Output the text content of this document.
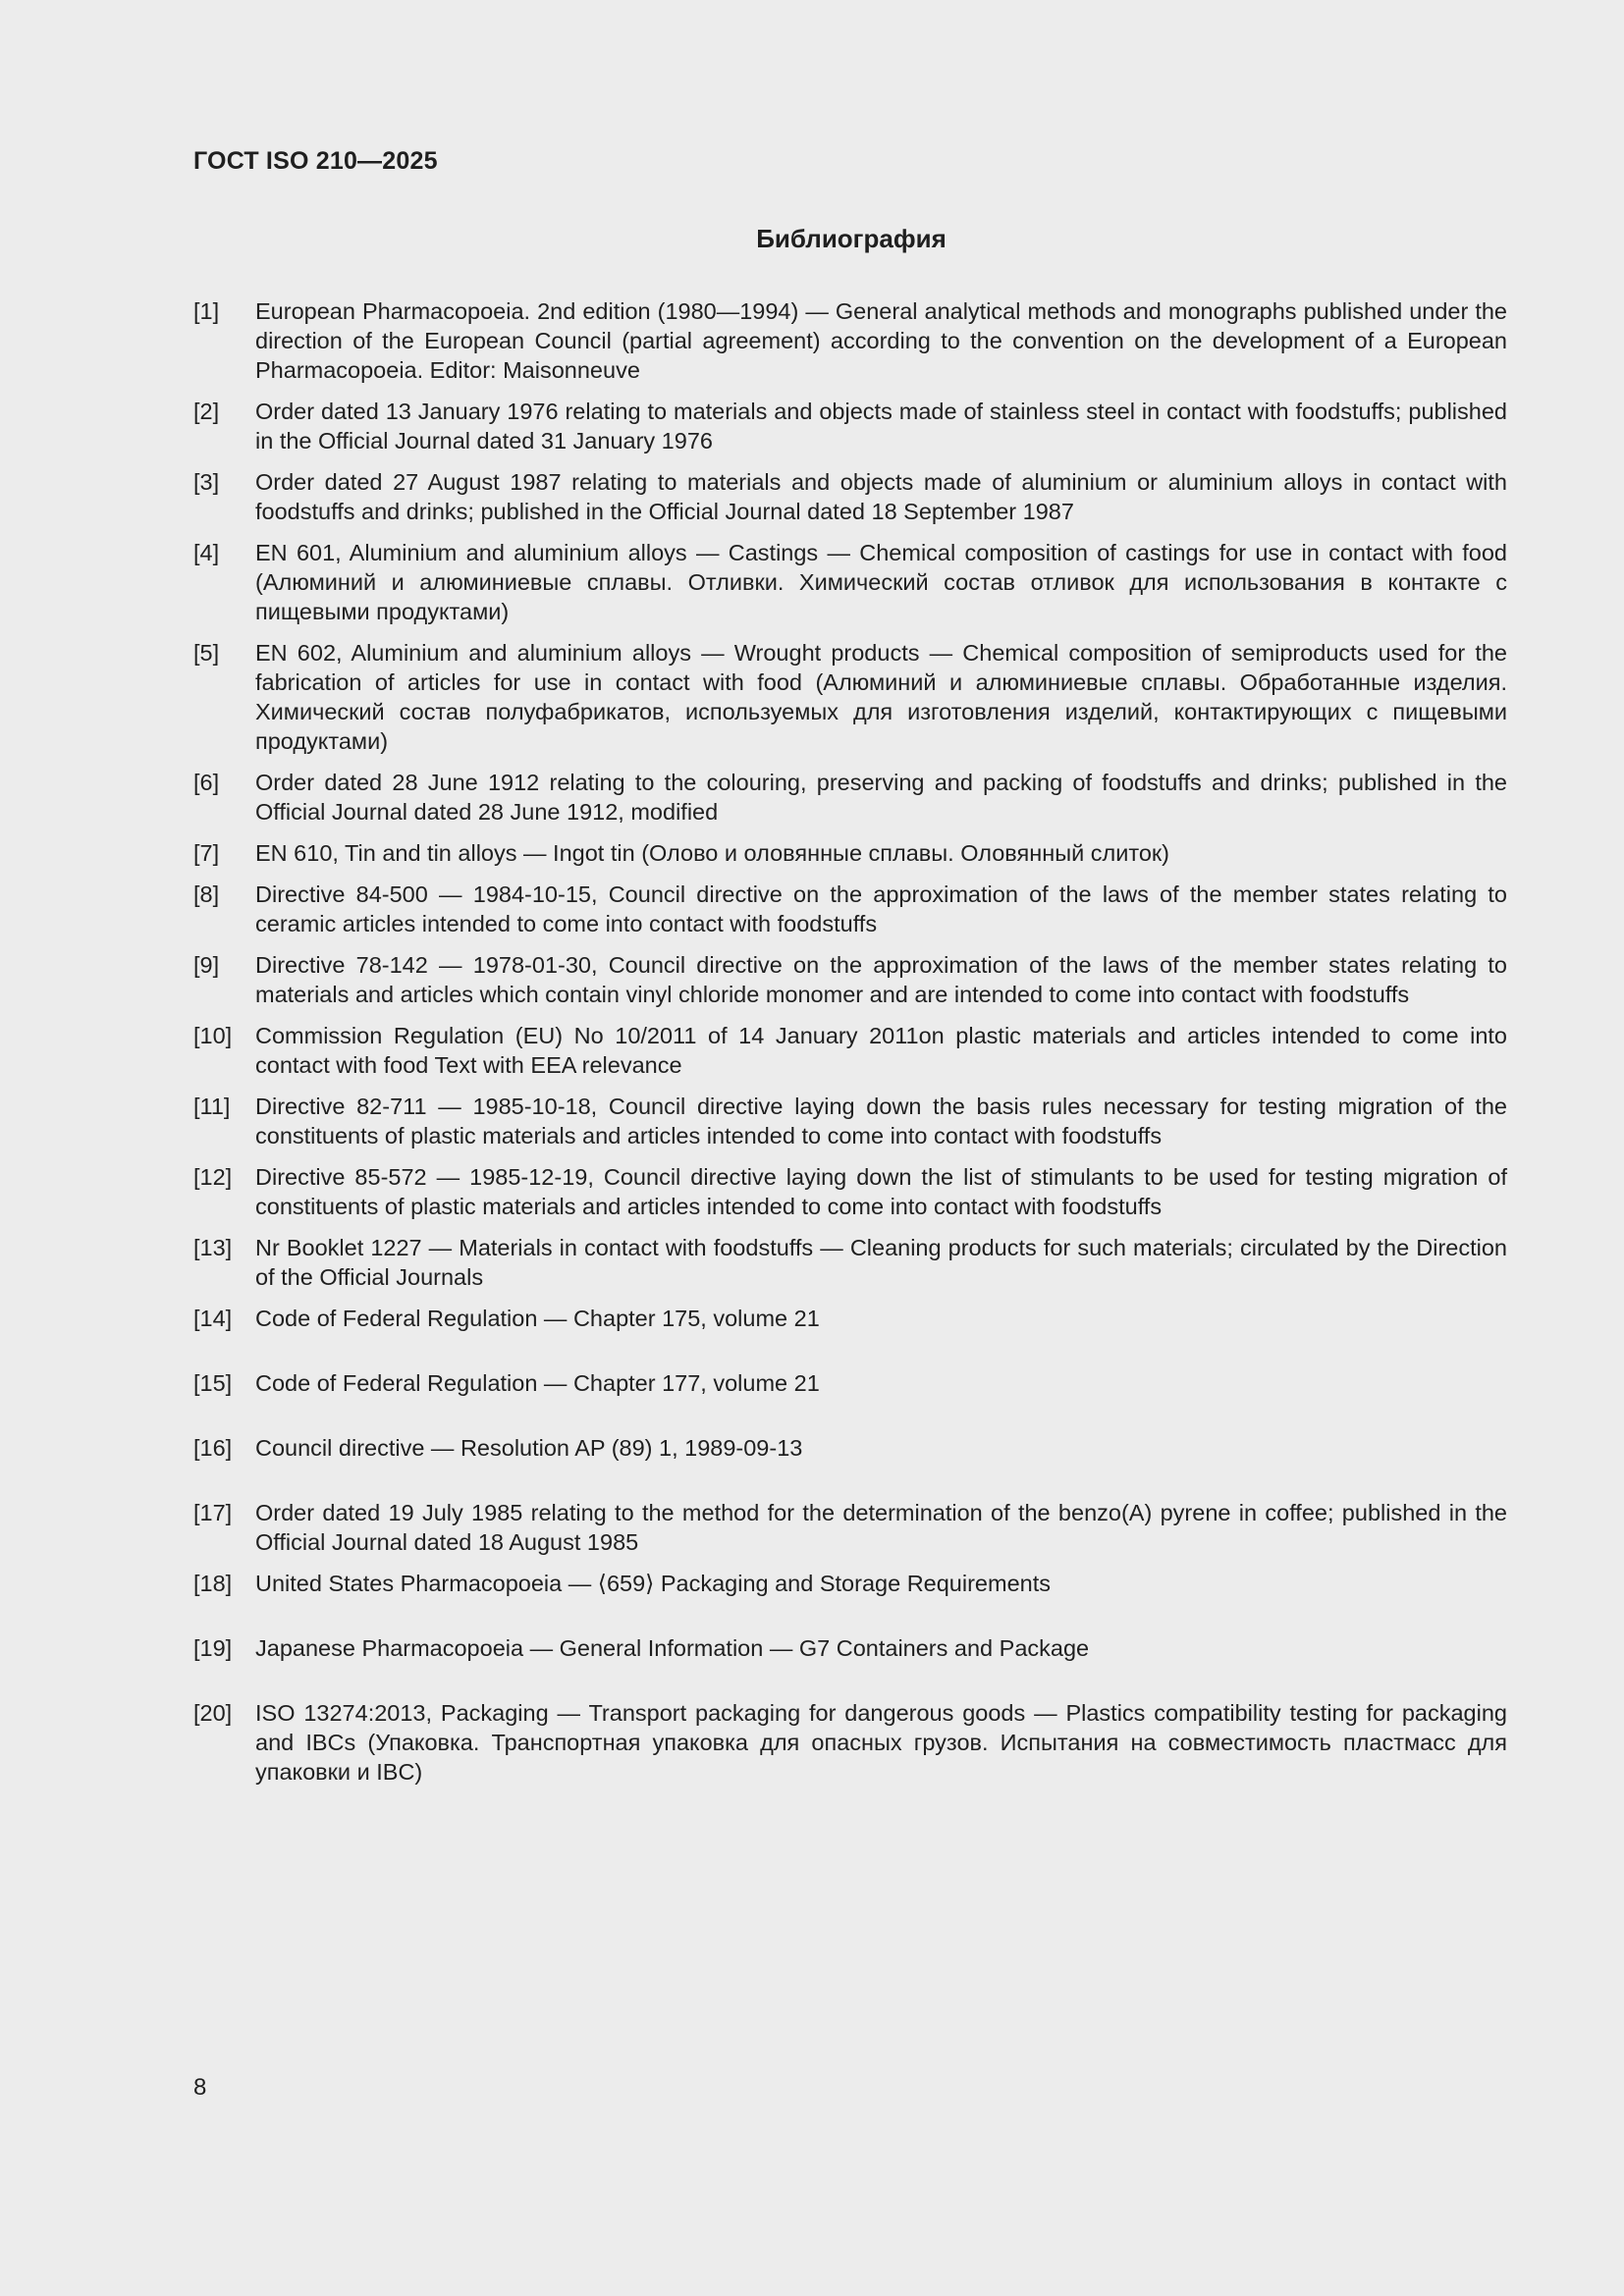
ГОСТ ISO 210—2025
Библиография
[1]	European Pharmacopoeia. 2nd edition (1980—1994) — General analytical methods and monographs published under the direction of the European Council (partial agreement) according to the convention on the development of a European Pharmacopoeia. Editor: Maisonneuve
[2]	Order dated 13 January 1976 relating to materials and objects made of stainless steel in contact with foodstuffs; published in the Official Journal dated 31 January 1976
[3]	Order dated 27 August 1987 relating to materials and objects made of aluminium or aluminium alloys in contact with foodstuffs and drinks; published in the Official Journal dated 18 September 1987
[4]	EN 601, Aluminium and aluminium alloys — Castings — Chemical composition of castings for use in contact with food (Алюминий и алюминиевые сплавы. Отливки. Химический состав отливок для использования в контакте с пищевыми продуктами)
[5]	EN 602, Aluminium and aluminium alloys — Wrought products — Chemical composition of semiproducts used for the fabrication of articles for use in contact with food (Алюминий и алюминиевые сплавы. Обработанные изделия. Химический состав полуфабрикатов, используемых для изготовления изделий, контактирующих с пищевыми продуктами)
[6]	Order dated 28 June 1912 relating to the colouring, preserving and packing of foodstuffs and drinks; published in the Official Journal dated 28 June 1912, modified
[7]	EN 610, Tin and tin alloys — Ingot tin (Олово и оловянные сплавы. Оловянный слиток)
[8]	Directive 84-500 — 1984-10-15, Council directive on the approximation of the laws of the member states relating to ceramic articles intended to come into contact with foodstuffs
[9]	Directive 78-142 — 1978-01-30, Council directive on the approximation of the laws of the member states relating to materials and articles which contain vinyl chloride monomer and are intended to come into contact with foodstuffs
[10]	Commission Regulation (EU) No 10/2011 of 14 January 2011on plastic materials and articles intended to come into contact with food Text with EEA relevance
[11]	Directive 82-711 — 1985-10-18, Council directive laying down the basis rules necessary for testing migration of the constituents of plastic materials and articles intended to come into contact with foodstuffs
[12]	Directive 85-572 — 1985-12-19, Council directive laying down the list of stimulants to be used for testing migration of constituents of plastic materials and articles intended to come into contact with foodstuffs
[13]	Nr Booklet 1227 — Materials in contact with foodstuffs — Cleaning products for such materials; circulated by the Direction of the Official Journals
[14]	Code of Federal Regulation — Chapter 175, volume 21
[15]	Code of Federal Regulation — Chapter 177, volume 21
[16]	Council directive — Resolution AP (89) 1, 1989-09-13
[17]	Order dated 19 July 1985 relating to the method for the determination of the benzo(A) pyrene in coffee; published in the Official Journal dated 18 August 1985
[18]	United States Pharmacopoeia — ⟨659⟩ Packaging and Storage Requirements
[19]	Japanese Pharmacopoeia — General Information — G7 Containers and Package
[20]	ISO 13274:2013, Packaging — Transport packaging for dangerous goods — Plastics compatibility testing for packaging and IBCs (Упаковка. Транспортная упаковка для опасных грузов. Испытания на совместимость пластмасс для упаковки и IBC)
8
